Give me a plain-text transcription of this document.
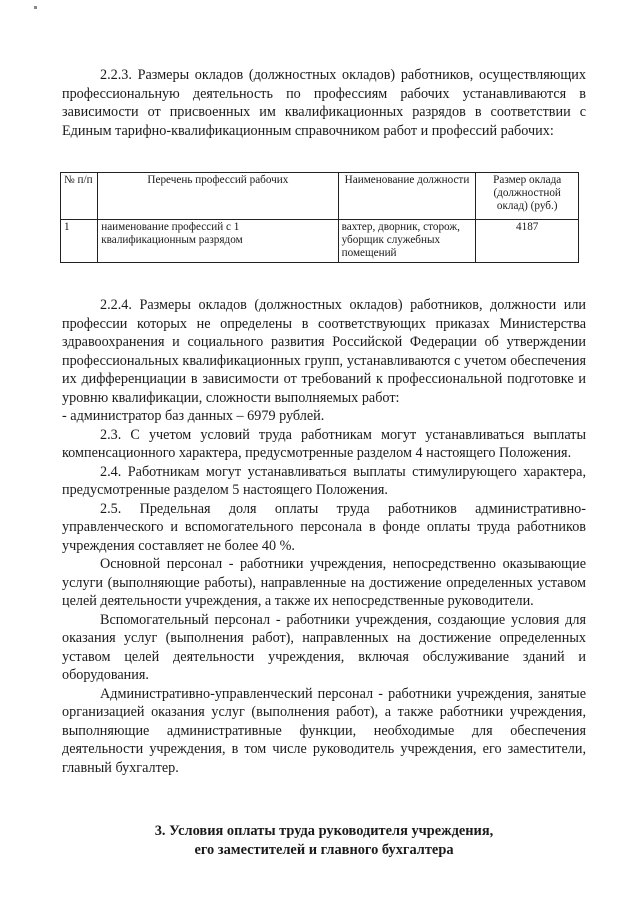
2.2.3. Размеры окладов (должностных окладов) работников, осуществляющих профессиональную деятельность по профессиям рабочих устанавливаются в зависимости от присвоенных им квалификационных разрядов в соответствии с Единым тарифно-квалификационным справочником работ и профессий рабочих:

№ п/п	Перечень профессий рабочих	Наименование должности	Размер оклада (должностной оклад) (руб.)
1	наименование профессий с 1 квалификационным разрядом	вахтер, дворник, сторож, уборщик служебных помещений	4187

2.2.4. Размеры окладов (должностных окладов) работников, должности или профессии которых не определены в соответствующих приказах Министерства здравоохранения и социального развития Российской Федерации об утверждении профессиональных квалификационных групп, устанавливаются с учетом обеспечения их дифференциации в зависимости от требований к профессиональной подготовке и уровню квалификации, сложности выполняемых работ:

- администратор баз данных – 6979 рублей.

2.3. С учетом условий труда работникам могут устанавливаться выплаты компенсационного характера, предусмотренные разделом 4 настоящего Положения.

2.4. Работникам могут устанавливаться выплаты стимулирующего характера, предусмотренные разделом 5 настоящего Положения.

2.5. Предельная доля оплаты труда работников административно-управленческого и вспомогательного персонала в фонде оплаты труда работников учреждения составляет не более 40 %.

Основной персонал - работники учреждения, непосредственно оказывающие услуги (выполняющие работы), направленные на достижение определенных уставом целей деятельности учреждения, а также их непосредственные руководители.

Вспомогательный персонал - работники учреждения, создающие условия для оказания услуг (выполнения работ), направленных на достижение определенных уставом целей деятельности учреждения, включая обслуживание зданий и оборудования.

Административно-управленческий персонал - работники учреждения, занятые организацией оказания услуг (выполнения работ), а также работники учреждения, выполняющие административные функции, необходимые для обеспечения деятельности учреждения, в том числе руководитель учреждения, его заместители, главный бухгалтер.

3. Условия оплаты труда руководителя учреждения,
его заместителей и главного бухгалтера
